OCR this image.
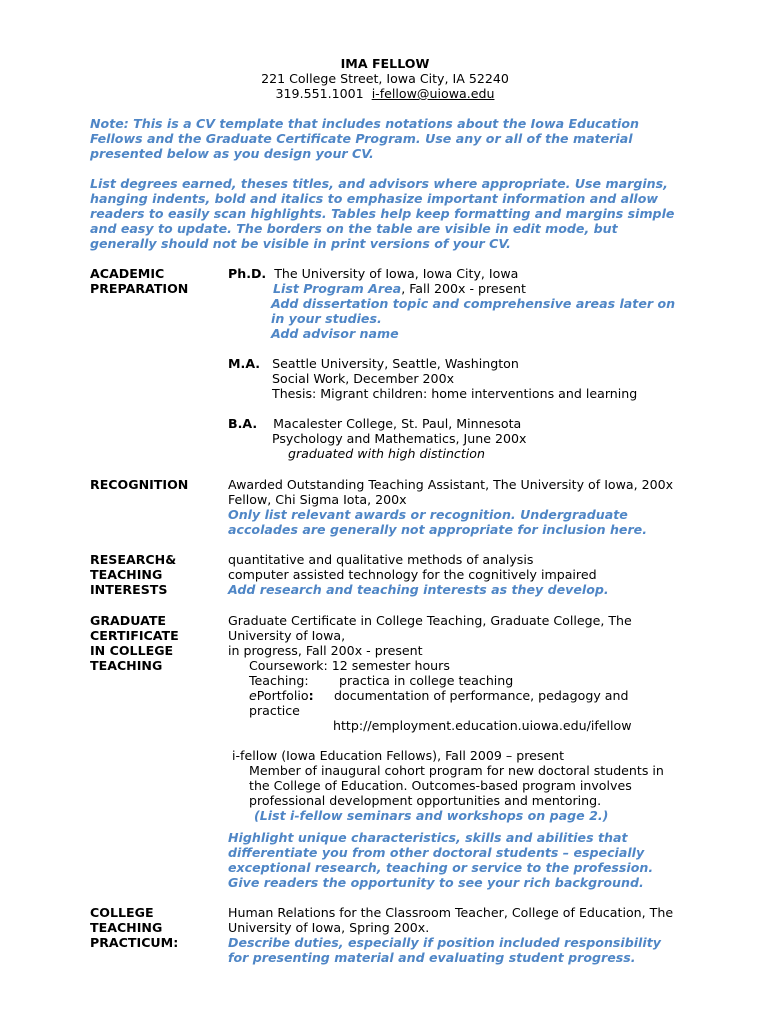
IMA FELLOW
221 College Street, Iowa City, IA 52240
319.551.1001 i-fellow@uiowa.edu
Note: This is a CV template that includes notations about the Iowa Education
Fellows and the Graduate Certificate Program. Use any or all of the material
presented below as you design your CV.
List degrees earned, theses titles, and advisors where appropriate. Use margins,
hanging indents, bold and italics to emphasize important information and allow
readers to easily scan highlights. Tables help keep formatting and margins simple
and easy to update. The borders on the table are visible in edit mode, but
generally should not be visible in print versions of your CV.
ACADEMIC
PREPARATION
Ph.D. The University of Iowa, Iowa City, Iowa
List Program Area, Fall 200x - present
Add dissertation topic and comprehensive areas later on
in your studies.
Add advisor name
M.A. Seattle University, Seattle, Washington
Social Work, December 200x
Thesis: Migrant children: home interventions and learning
B.A. Macalester College, St. Paul, Minnesota
Psychology and Mathematics, June 200x
graduated with high distinction
RECOGNITION	Awarded Outstanding Teaching Assistant, The University of Iowa, 200x
Fellow, Chi Sigma Iota, 200x
Only list relevant awards or recognition. Undergraduate
accolades are generally not appropriate for inclusion here.
RESEARCH&
TEACHING
INTERESTS
quantitative and qualitative methods of analysis
computer assisted technology for the cognitively impaired
Add research and teaching interests as they develop.
GRADUATE
CERTIFICATE
IN COLLEGE
TEACHING
Graduate Certificate in College Teaching, Graduate College, The
University of Iowa,
in progress, Fall 200x - present
Coursework: 12 semester hours
Teaching: practica in college teaching
ePortfolio: documentation of performance, pedagogy and
practice
http://employment.education.uiowa.edu/ifellow
i-fellow (Iowa Education Fellows), Fall 2009 – present
Member of inaugural cohort program for new doctoral students in
the College of Education. Outcomes-based program involves
professional development opportunities and mentoring.
(List i-fellow seminars and workshops on page 2.)
Highlight unique characteristics, skills and abilities that
differentiate you from other doctoral students – especially
exceptional research, teaching or service to the profession.
Give readers the opportunity to see your rich background.
COLLEGE
TEACHING
PRACTICUM:
Human Relations for the Classroom Teacher, College of Education, The
University of Iowa, Spring 200x.
Describe duties, especially if position included responsibility
for presenting material and evaluating student progress.
